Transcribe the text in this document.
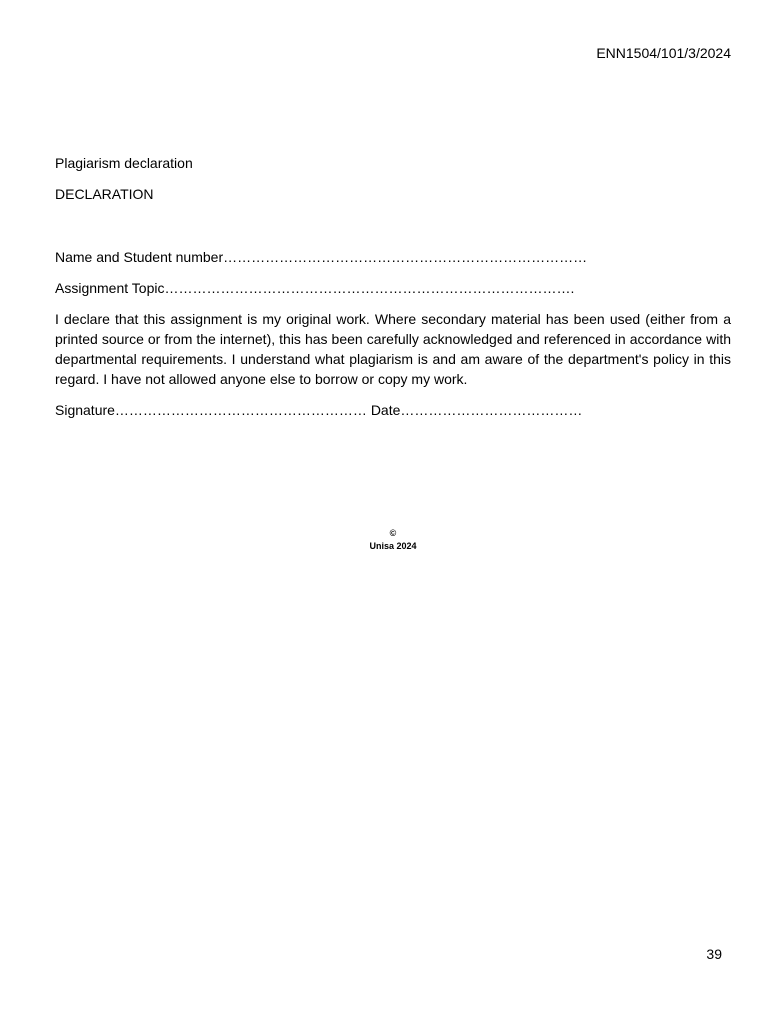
ENN1504/101/3/2024

Plagiarism declaration

DECLARATION

Name and Student number……………………………………………………………………

Assignment Topic…………………………………………………………………………….

I declare that this assignment is my original work. Where secondary material has been used (either from a printed source or from the internet), this has been carefully acknowledged and referenced in accordance with departmental requirements. I understand what plagiarism is and am aware of the department's policy in this regard. I have not allowed anyone else to borrow or copy my work.

Signature……………………………………………… Date…………………………………

©
Unisa 2024
39
